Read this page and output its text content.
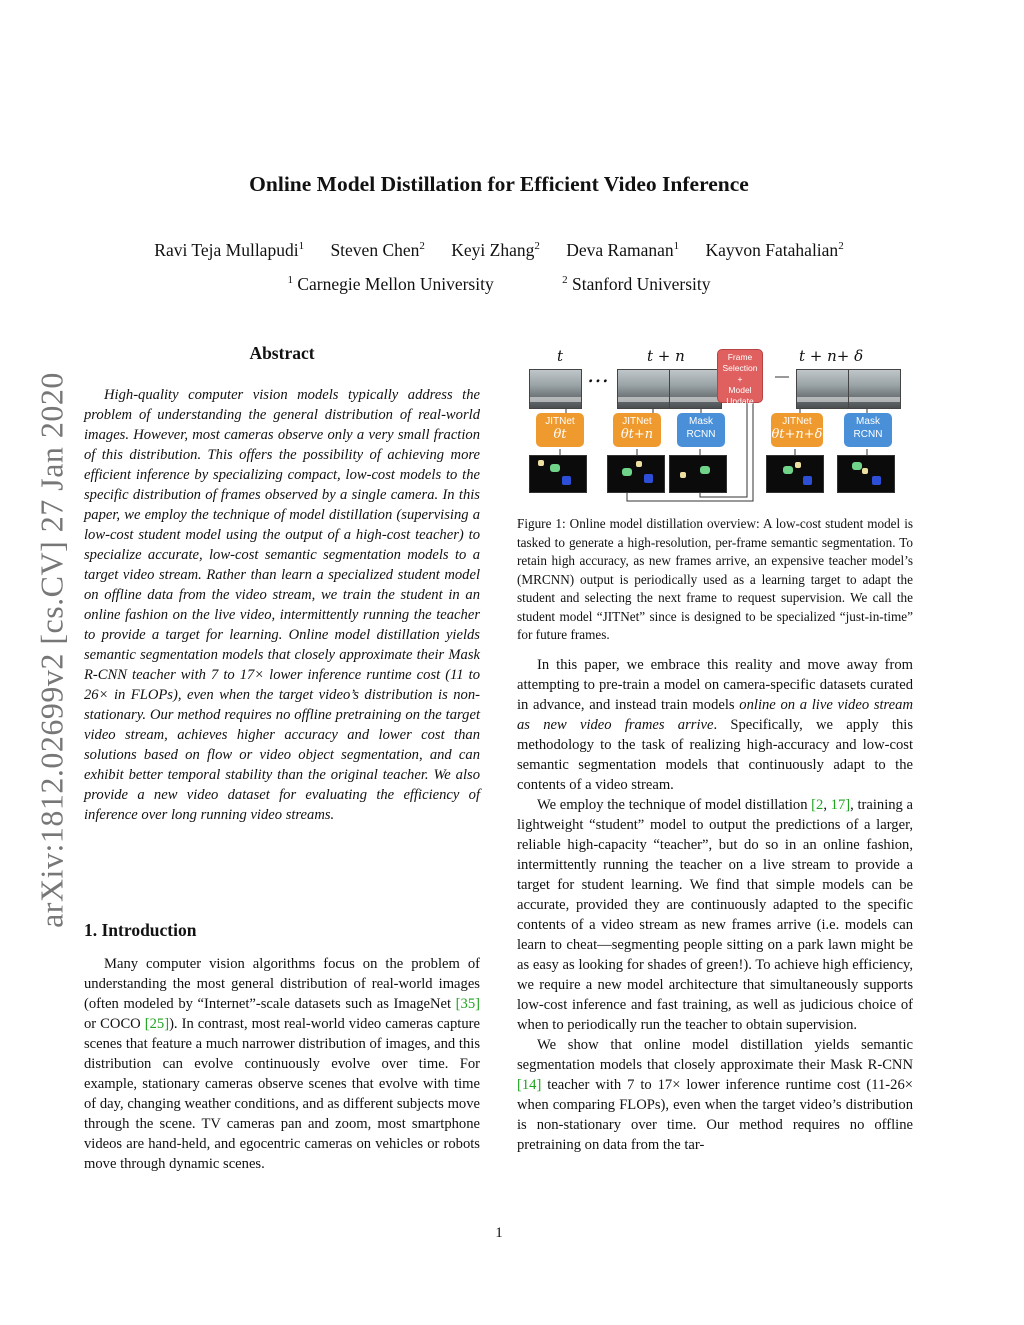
arXiv:1812.02699v2 [cs.CV] 27 Jan 2020
Online Model Distillation for Efficient Video Inference
Ravi Teja Mullapudi$^1$ Steven Chen$^2$ Keyi Zhang$^2$ Deva Ramanan$^1$ Kayvon Fatahalian$^2$
$^1$ Carnegie Mellon University	$^2$ Stanford University
Abstract
High-quality computer vision models typically address the problem of understanding the general distribution of real-world images. However, most cameras observe only a very small fraction of this distribution. This offers the possibility of achieving more efficient inference by specializing compact, low-cost models to the specific distribution of frames observed by a single camera. In this paper, we employ the technique of model distillation (supervising a low-cost student model using the output of a high-cost teacher) to specialize accurate, low-cost semantic segmentation models to a target video stream. Rather than learn a specialized student model on offline data from the video stream, we train the student in an online fashion on the live video, intermittently running the teacher to provide a target for learning. Online model distillation yields semantic segmentation models that closely approximate their Mask R-CNN teacher with 7 to 17× lower inference runtime cost (11 to 26× in FLOPs), even when the target video’s distribution is non-stationary. Our method requires no offline pretraining on the target video stream, achieves higher accuracy and lower cost than solutions based on flow or video object segmentation, and can exhibit better temporal stability than the original teacher. We also provide a new video dataset for evaluating the efficiency of inference over long running video streams.
1. Introduction
Many computer vision algorithms focus on the problem of understanding the most general distribution of real-world images (often modeled by “Internet”-scale datasets such as ImageNet [35] or COCO [25]). In contrast, most real-world video cameras capture scenes that feature a much narrower distribution of images, and this distribution can evolve continuously evolve over time. For example, stationary cameras observe scenes that evolve with time of day, changing weather conditions, and as different subjects move through the scene. TV cameras pan and zoom, most smartphone videos are hand-held, and egocentric cameras on vehicles or robots move through dynamic scenes.
t	t + n	t + n+ δ
…
Frame Selection
+
Model Update
JITNet
θt
JITNet
θt+n
Mask
RCNN
JITNet
θt+n+δ
Mask
RCNN
Figure 1: Online model distillation overview: A low-cost student model is tasked to generate a high-resolution, per-frame semantic segmentation. To retain high accuracy, as new frames arrive, an expensive teacher model’s (MRCNN) output is periodically used as a learning target to adapt the student and selecting the next frame to request supervision. We call the student model “JITNet” since is designed to be specialized “just-in-time” for future frames.

In this paper, we embrace this reality and move away from attempting to pre-train a model on camera-specific datasets curated in advance, and instead train models online on a live video stream as new video frames arrive. Specifically, we apply this methodology to the task of realizing high-accuracy and low-cost semantic segmentation models that continuously adapt to the contents of a video stream.

We employ the technique of model distillation [2, 17], training a lightweight “student” model to output the predictions of a larger, reliable high-capacity “teacher”, but do so in an online fashion, intermittently running the teacher on a live stream to provide a target for student learning. We find that simple models can be accurate, provided they are continuously adapted to the specific contents of a video stream as new frames arrive (i.e. models can learn to cheat—segmenting people sitting on a park lawn might be as easy as looking for shades of green!). To achieve high efficiency, we require a new model architecture that simultaneously supports low-cost inference and fast training, as well as judicious choice of when to periodically run the teacher to obtain supervision.

We show that online model distillation yields semantic segmentation models that closely approximate their Mask R-CNN [14] teacher with 7 to 17× lower inference runtime cost (11-26× when comparing FLOPs), even when the target video’s distribution is non-stationary over time. Our method requires no offline pretraining on data from the tar-

1
